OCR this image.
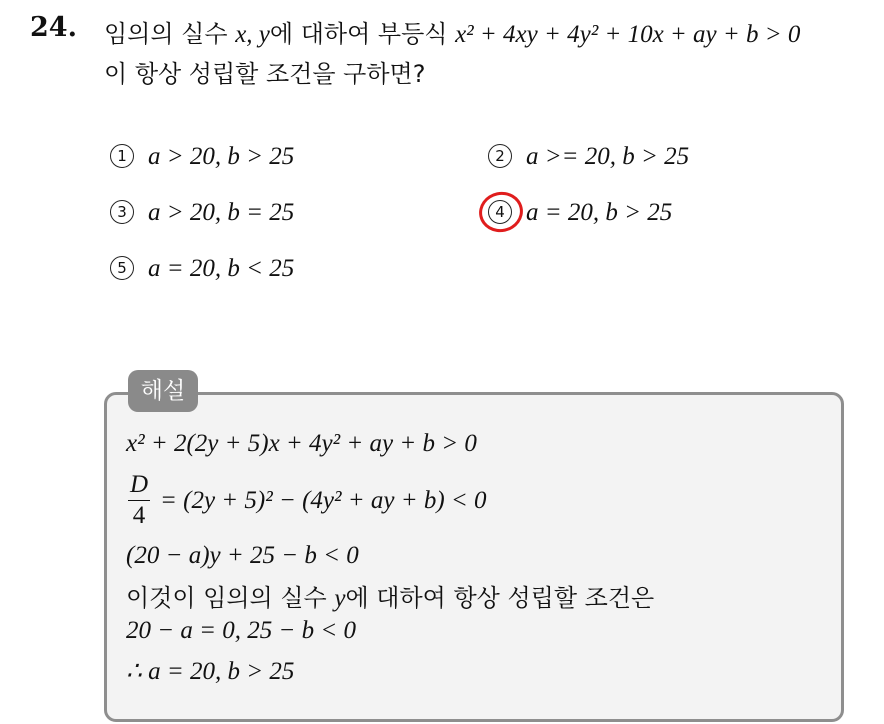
24. 임의의 실수 x, y에 대하여 부등식 x² + 4xy + 4y² + 10x + ay + b > 0
이 항상 성립할 조건을 구하면?
1 a > 20, b > 25	2 a >= 20, b > 25
3 a > 20, b = 25	4 a = 20, b > 25
5 a = 20, b < 25
해설
x² + 2(2y + 5)x + 4y² + ay + b > 0
D
4
= (2y + 5)² − (4y² + ay + b) < 0
(20 − a)y + 25 − b < 0
이것이 임의의 실수 y에 대하여 항상 성립할 조건은
20 − a = 0, 25 − b < 0
∴ a = 20, b > 25
